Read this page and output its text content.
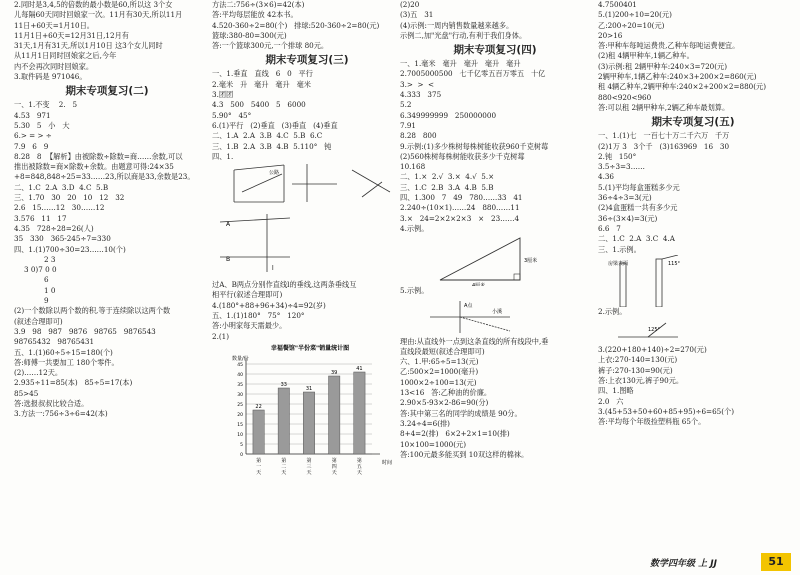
2.同时是3,4,5的倍数的最小数是60,所以这 3个女
儿每隔60天同时回娘家一次。11月有30天,所以11月
11日+60天=1月10日。
11月1日+60天=12月31日,12月有
31天,1月有31天,所以1月10日 这3个女儿同时
从11月1日同时回娘家之后,今年
内不会再次同时回娘家。
3.取件码是 971046。
期末专项复习(二)
一、1.不变    2.   5
4.53   971
5.30   5   小   大
6.> = > ÷
7.9   6   9
8.28   8  【解析】由被除数÷除数=商……余数,可以
推出被除数=商×除数+余数。由题意可得:24×35
+8=848,848÷25=33……23,所以商是33,余数是23。
二、1.C  2.A  3.D  4.C  5.B
三、1.70   30   20   10   12   32
2.6   15……12   30……12
3.576   11   17
4.35   728÷28=26(人)
35   330   365-245÷7=330
四、1.(1)700÷30=23……10(个)
2 3
3 0)7 0 0
6
1 0
9
(2)一个数除以两个数的积,等于连续除以这两个数
(叙述合理即可)
3.9   98   987   9876   98765   9876543
98765432   98765431
五、1.(1)60÷5÷15=180(个)
答:师傅一共要加工 180个零件。
(2)……12天。
2.935÷11=85(本)   85÷5=17(本)
85>45
答:选报叔叔比较合适。
3.方法一:756÷3÷6=42(本)
方法二:756÷(3×6)=42(本)
答:平均每层能放 42本书。
4.520-360÷2=80(个)   排球:520-360÷2=80(元)
篮球:380-80=300(元)
答:一个篮球300元,一个排球 80元。
期末专项复习(三)
一、1.垂直   直线   6   0   平行
2.毫米   升   毫升   毫升   毫米
3.团团
4.3   500   5400   5   6000
5.90°   45°
6.(1)平行   (2)垂直   (3)垂直   (4)垂直
二、1.A  2.A  3.B  4.C  5.B  6.C
三、1.B  2.A  3.B  4.B  5.110°   钝
四、1.
公路
A
l
B
过A、B两点分别作直线l的垂线,这两条垂线互
相平行(叙述合理即可)
4.(180°+88+96+34)÷4=92(岁)
五、1.(1)180°   75°   120°
答:小明家每天需最少。
2.(1)
幸福餐馆"半份菜"销量统计图
数量/份
0
5
10
15
20
25
30
35
40
45
时间
22
第
一
天
33
第
二
天
31
第
三
天
39
第
四
天
41
第
五
天
(2)20
(3)五   31
(4)示例:一周内销售数量越来越多。
示例二,加"光盘"行动,有利于我们身体。
期末专项复习(四)
一、1.毫米   毫升   毫升   毫升   毫升
2.7005000500   七千亿零五百万零五   十亿
3.>  >  <
4.333   375
5.2
6.349999999   250000000
7.91
8.28   800
9.示例:(1)多少株树每株树能收获960千克树莓
(2)560株树每株树能收获多少千克树莓
10.168
二、1.×  2.√  3.×  4.√  5.×
三、1.C  2.B  3.A  4.B  5.B
四、1.300   7   49   780……33   41
2.240÷(10×1)……24   880……11
3.×   24=2×2×2×3   ×   23……4
4.示例。
3厘米
4厘米
5.示例。
A点
小溪
理由:从直线外一点到这条直线的所有线段中,垂
直线段最短(叙述合理即可)
六、1.甲:65÷5=13(元)
乙:500×2=1000(毫升)
1000×2÷100=13(元)
13<16   答:乙种油的价廉。
2.90×5-93×2-86=90(分)
答:其中第三名的同学的成绩是 90分。
3.24÷4=6(排)
8+4=2(排)   6×2+2×1=10(排)
10×100=1000(元)
答:100元最多能买到 10双这样的棉袜。
4.7500401
5.(1)200÷10=20(元)
乙:200÷20=10(元)
20>16
答:甲种车每吨运费贵,乙种车每吨运费便宜。
(2)租 4辆甲种车,1辆乙种车。
(3)示例:租 2辆甲种车:240×3=720(元)
2辆甲种车,1辆乙种车:240×3+200×2=860(元)
租 4辆乙种车,2辆甲种车:240×2+200×2=880(元)
880<920<960
答:可以租 2辆甲种车,2辆乙种车最划算。
期末专项复习(五)
一、1.(1)七   一百七十万二千六万   千万
(2)1万 3   3个千   (3)163969   16   30
2.钝   150°
3.5÷3=3……
4.36
5.(1)平均每盒蛋糕多少元
36÷4÷3=3(元)
(2)4盒蛋糕一共有多少元
36÷(3×4)=3(元)
6.6   7
二、1.C  2.A  3.C  4.A
三、1.示例。
房梁表面	115°
2.示例。
125°
3.(220+180+140)÷2=270(元)
上衣:270-140=130(元)
裤子:270-130=90(元)
答:上衣130元,裤子90元。
四、1.图略
2.0   六
3.(45+53+50+60+85+95)÷6=65(个)
答:平均每个年级捡塑料瓶 65个。
数学四年级 上 JJ	51
